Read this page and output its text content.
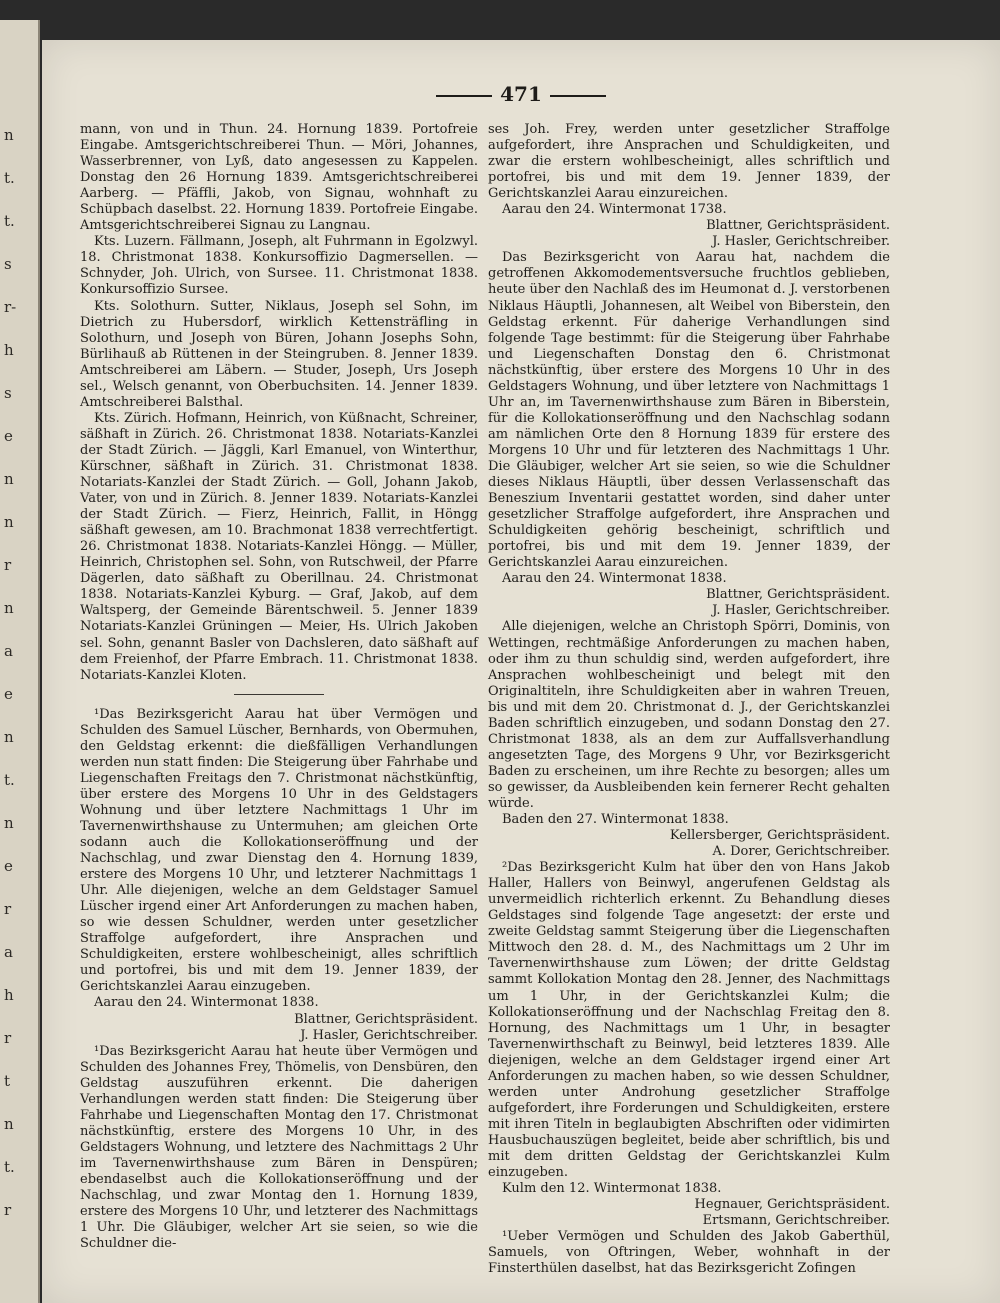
n
t.
t.
s
r-
h
s
e
n
n
r
n
a
e
n
t.
n
e
r
a
h
r
t
n
t.
r
471

mann, von und in Thun. 24. Hornung 1839. Portofreie Eingabe. Amtsgerichtschreiberei Thun. — Möri, Johannes, Wasserbrenner, von Lyß, dato angesessen zu Kappelen. Donstag den 26 Hornung 1839. Amtsgerichtschreiberei Aarberg. — Pfäffli, Jakob, von Signau, wohnhaft zu Schüpbach daselbst. 22. Hornung 1839. Portofreie Eingabe. Amtsgerichtschreiberei Signau zu Langnau.

Kts. Luzern. Fällmann, Joseph, alt Fuhrmann in Egolzwyl. 18. Christmonat 1838. Konkursoffizio Dagmersellen. — Schnyder, Joh. Ulrich, von Sursee. 11. Christmonat 1838. Konkursoffizio Sursee.

Kts. Solothurn. Sutter, Niklaus, Joseph sel Sohn, im Dietrich zu Hubersdorf, wirklich Kettensträfling in Solothurn, und Joseph von Büren, Johann Josephs Sohn, Bürlihauß ab Rüttenen in der Steingruben. 8. Jenner 1839. Amtschreiberei am Läbern. — Studer, Joseph, Urs Joseph sel., Welsch genannt, von Oberbuchsiten. 14. Jenner 1839. Amtschreiberei Balsthal.

Kts. Zürich. Hofmann, Heinrich, von Küßnacht, Schreiner, säßhaft in Zürich. 26. Christmonat 1838. Notariats-Kanzlei der Stadt Zürich. — Jäggli, Karl Emanuel, von Winterthur, Kürschner, säßhaft in Zürich. 31. Christmonat 1838. Notariats-Kanzlei der Stadt Zürich. — Goll, Johann Jakob, Vater, von und in Zürich. 8. Jenner 1839. Notariats-Kanzlei der Stadt Zürich. — Fierz, Heinrich, Fallit, in Höngg säßhaft gewesen, am 10. Brachmonat 1838 verrechtfertigt. 26. Christmonat 1838. Notariats-Kanzlei Höngg. — Müller, Heinrich, Christophen sel. Sohn, von Rutschweil, der Pfarre Dägerlen, dato säßhaft zu Oberillnau. 24. Christmonat 1838. Notariats-Kanzlei Kyburg. — Graf, Jakob, auf dem Waltsperg, der Gemeinde Bärentschweil. 5. Jenner 1839 Notariats-Kanzlei Grüningen — Meier, Hs. Ulrich Jakoben sel. Sohn, genannt Basler von Dachsleren, dato säßhaft auf dem Freienhof, der Pfarre Embrach. 11. Christmonat 1838. Notariats-Kanzlei Kloten.

¹Das Bezirksgericht Aarau hat über Vermögen und Schulden des Samuel Lüscher, Bernhards, von Obermuhen, den Geldstag erkennt: die dießfälligen Verhandlungen werden nun statt finden: Die Steigerung über Fahrhabe und Liegenschaften Freitags den 7. Christmonat nächstkünftig, über erstere des Morgens 10 Uhr in des Geldstagers Wohnung und über letztere Nachmittags 1 Uhr im Tavernenwirthshause zu Untermuhen; am gleichen Orte sodann auch die Kollokationseröffnung und der Nachschlag, und zwar Dienstag den 4. Hornung 1839, erstere des Morgens 10 Uhr, und letzterer Nachmittags 1 Uhr. Alle diejenigen, welche an dem Geldstager Samuel Lüscher irgend einer Art Anforderungen zu machen haben, so wie dessen Schuldner, werden unter gesetzlicher Straffolge aufgefordert, ihre Ansprachen und Schuldigkeiten, erstere wohlbescheinigt, alles schriftlich und portofrei, bis und mit dem 19. Jenner 1839, der Gerichtskanzlei Aarau einzugeben.

Aarau den 24. Wintermonat 1838.

Blattner, Gerichtspräsident.

J. Hasler, Gerichtschreiber.

¹Das Bezirksgericht Aarau hat heute über Vermögen und Schulden des Johannes Frey, Thömelis, von Densbüren, den Geldstag auszuführen erkennt. Die daherigen Verhandlungen werden statt finden: Die Steigerung über Fahrhabe und Liegenschaften Montag den 17. Christmonat nächstkünftig, erstere des Morgens 10 Uhr, in des Geldstagers Wohnung, und letztere des Nachmittags 2 Uhr im Tavernenwirthshause zum Bären in Denspüren; ebendaselbst auch die Kollokationseröffnung und der Nachschlag, und zwar Montag den 1. Hornung 1839, erstere des Morgens 10 Uhr, und letzterer des Nachmittags 1 Uhr. Die Gläubiger, welcher Art sie seien, so wie die Schuldner die-

ses Joh. Frey, werden unter gesetzlicher Straffolge aufgefordert, ihre Ansprachen und Schuldigkeiten, und zwar die erstern wohlbescheinigt, alles schriftlich und portofrei, bis und mit dem 19. Jenner 1839, der Gerichtskanzlei Aarau einzureichen.

Aarau den 24. Wintermonat 1738.

Blattner, Gerichtspräsident.

J. Hasler, Gerichtschreiber.

Das Bezirksgericht von Aarau hat, nachdem die getroffenen Akkomodementsversuche fruchtlos geblieben, heute über den Nachlaß des im Heumonat d. J. verstorbenen Niklaus Häuptli, Johannesen, alt Weibel von Biberstein, den Geldstag erkennt. Für daherige Verhandlungen sind folgende Tage bestimmt: für die Steigerung über Fahrhabe und Liegenschaften Donstag den 6. Christmonat nächstkünftig, über erstere des Morgens 10 Uhr in des Geldstagers Wohnung, und über letztere von Nachmittags 1 Uhr an, im Tavernenwirthshause zum Bären in Biberstein, für die Kollokationseröffnung und den Nachschlag sodann am nämlichen Orte den 8 Hornung 1839 für erstere des Morgens 10 Uhr und für letzteren des Nachmittags 1 Uhr. Die Gläubiger, welcher Art sie seien, so wie die Schuldner dieses Niklaus Häuptli, über dessen Verlassenschaft das Beneszium Inventarii gestattet worden, sind daher unter gesetzlicher Straffolge aufgefordert, ihre Ansprachen und Schuldigkeiten gehörig bescheinigt, schriftlich und portofrei, bis und mit dem 19. Jenner 1839, der Gerichtskanzlei Aarau einzureichen.

Aarau den 24. Wintermonat 1838.

Blattner, Gerichtspräsident.

J. Hasler, Gerichtschreiber.

Alle diejenigen, welche an Christoph Spörri, Dominis, von Wettingen, rechtmäßige Anforderungen zu machen haben, oder ihm zu thun schuldig sind, werden aufgefordert, ihre Ansprachen wohlbescheinigt und belegt mit den Originaltiteln, ihre Schuldigkeiten aber in wahren Treuen, bis und mit dem 20. Christmonat d. J., der Gerichtskanzlei Baden schriftlich einzugeben, und sodann Donstag den 27. Christmonat 1838, als an dem zur Auffallsverhandlung angesetzten Tage, des Morgens 9 Uhr, vor Bezirksgericht Baden zu erscheinen, um ihre Rechte zu besorgen; alles um so gewisser, da Ausbleibenden kein fernerer Recht gehalten würde.

Baden den 27. Wintermonat 1838.

Kellersberger, Gerichtspräsident.

A. Dorer, Gerichtschreiber.

²Das Bezirksgericht Kulm hat über den von Hans Jakob Haller, Hallers von Beinwyl, angerufenen Geldstag als unvermeidlich richterlich erkennt. Zu Behandlung dieses Geldstages sind folgende Tage angesetzt: der erste und zweite Geldstag sammt Steigerung über die Liegenschaften Mittwoch den 28. d. M., des Nachmittags um 2 Uhr im Tavernenwirthshause zum Löwen; der dritte Geldstag sammt Kollokation Montag den 28. Jenner, des Nachmittags um 1 Uhr, in der Gerichtskanzlei Kulm; die Kollokationseröffnung und der Nachschlag Freitag den 8. Hornung, des Nachmittags um 1 Uhr, in besagter Tavernenwirthschaft zu Beinwyl, beid letzteres 1839. Alle diejenigen, welche an dem Geldstager irgend einer Art Anforderungen zu machen haben, so wie dessen Schuldner, werden unter Androhung gesetzlicher Straffolge aufgefordert, ihre Forderungen und Schuldigkeiten, erstere mit ihren Titeln in beglaubigten Abschriften oder vidimirten Hausbuchauszügen begleitet, beide aber schriftlich, bis und mit dem dritten Geldstag der Gerichtskanzlei Kulm einzugeben.

Kulm den 12. Wintermonat 1838.

Hegnauer, Gerichtspräsident.

Ertsmann, Gerichtschreiber.

¹Ueber Vermögen und Schulden des Jakob Gaberthül, Samuels, von Oftringen, Weber, wohnhaft in der Finsterthülen daselbst, hat das Bezirksgericht Zofingen
